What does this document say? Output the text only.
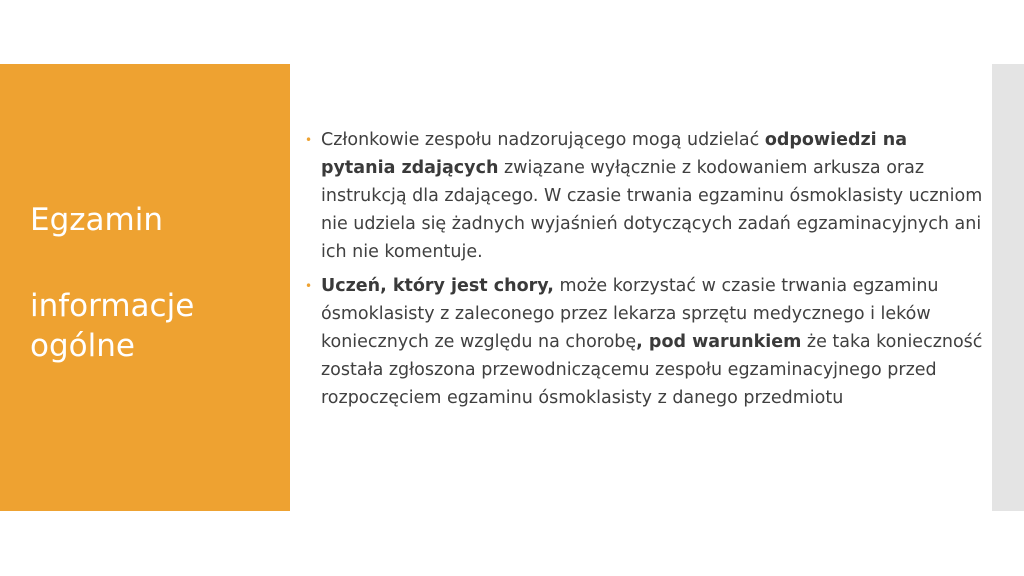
Egzamin
informacje ogólne
• Członkowie zespołu nadzorującego mogą udzielać odpowiedzi na pytania zdających związane wyłącznie z kodowaniem arkusza oraz instrukcją dla zdającego. W czasie trwania egzaminu ósmoklasisty uczniom nie udziela się żadnych wyjaśnień dotyczących zadań egzaminacyjnych ani ich nie komentuje.
• Uczeń, który jest chory, może korzystać w czasie trwania egzaminu ósmoklasisty z zaleconego przez lekarza sprzętu medycznego i leków koniecznych ze względu na chorobę, pod warunkiem że taka konieczność została zgłoszona przewodniczącemu zespołu egzaminacyjnego przed rozpoczęciem egzaminu ósmoklasisty z danego przedmiotu
